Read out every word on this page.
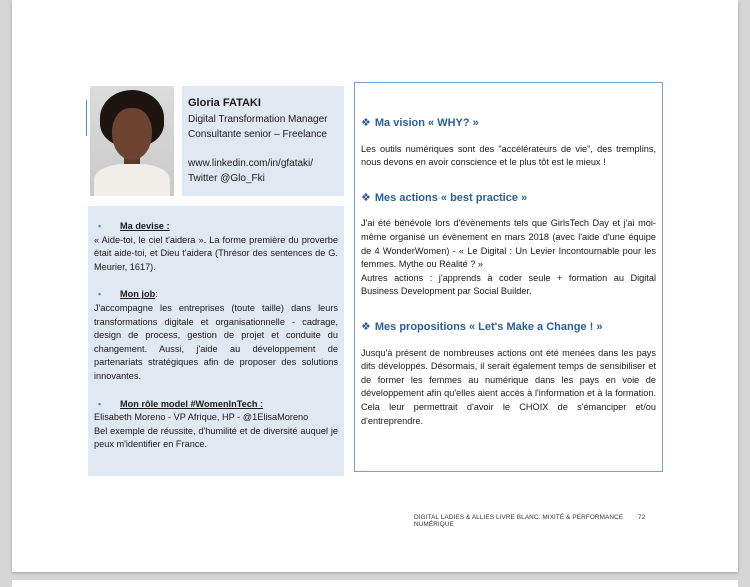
Gloria FATAKI
Digital Transformation Manager
Consultante senior – Freelance
www.linkedin.com/in/gfataki/
Twitter @Glo_Fki
▪	Ma devise :

« Aide-toi, le ciel t'aidera ». La forme première du proverbe était aide-toi, et Dieu t'aidera (Thrésor des sentences de G. Meurier, 1617).

▪	Mon job :

J'accompagne les entreprises (toute taille) dans leurs transformations digitale et organisationnelle - cadrage, design de process, gestion de projet et conduite du changement. Aussi, j'aide au développement de partenariats stratégiques afin de proposer des solutions innovantes.

▪	Mon rôle model #WomenInTech :
Elisabeth Moreno - VP Afrique, HP - @1ElisaMoreno

Bel exemple de réussite, d'humilité et de diversité auquel je peux m'identifier en France.

❖ Ma vision « WHY? »

Les outils numériques sont des "accélérateurs de vie", des tremplins, nous devons en avoir conscience et le plus tôt est le mieux !

❖ Mes actions « best practice »
J'ai été bénévole lors d'évènements tels que GirlsTech Day et j'ai moi-même organisé un évènement en mars 2018 (avec l'aide d'une équipe de 4 WonderWomen) - « Le Digital : Un Levier Incontournable pour les femmes. Mythe ou Réalité ? »

Autres actions : j'apprends à coder seule + formation au Digital Business Development par Social Builder.

❖ Mes propositions « Let's Make a Change ! »

Jusqu'à présent de nombreuses actions ont été menées dans les pays dits développés. Désormais, il serait également temps de sensibiliser et de former les femmes au numérique dans les pays en voie de développement afin qu'elles aient accès à l'information et à la formation. Cela leur permettrait d'avoir le CHOIX de s'émanciper et/ou d'entreprendre.

DIGITAL LADIES & ALLIES LIVRE BLANC: MIXITÉ & PERFORMANCE NUMÉRIQUE
72
